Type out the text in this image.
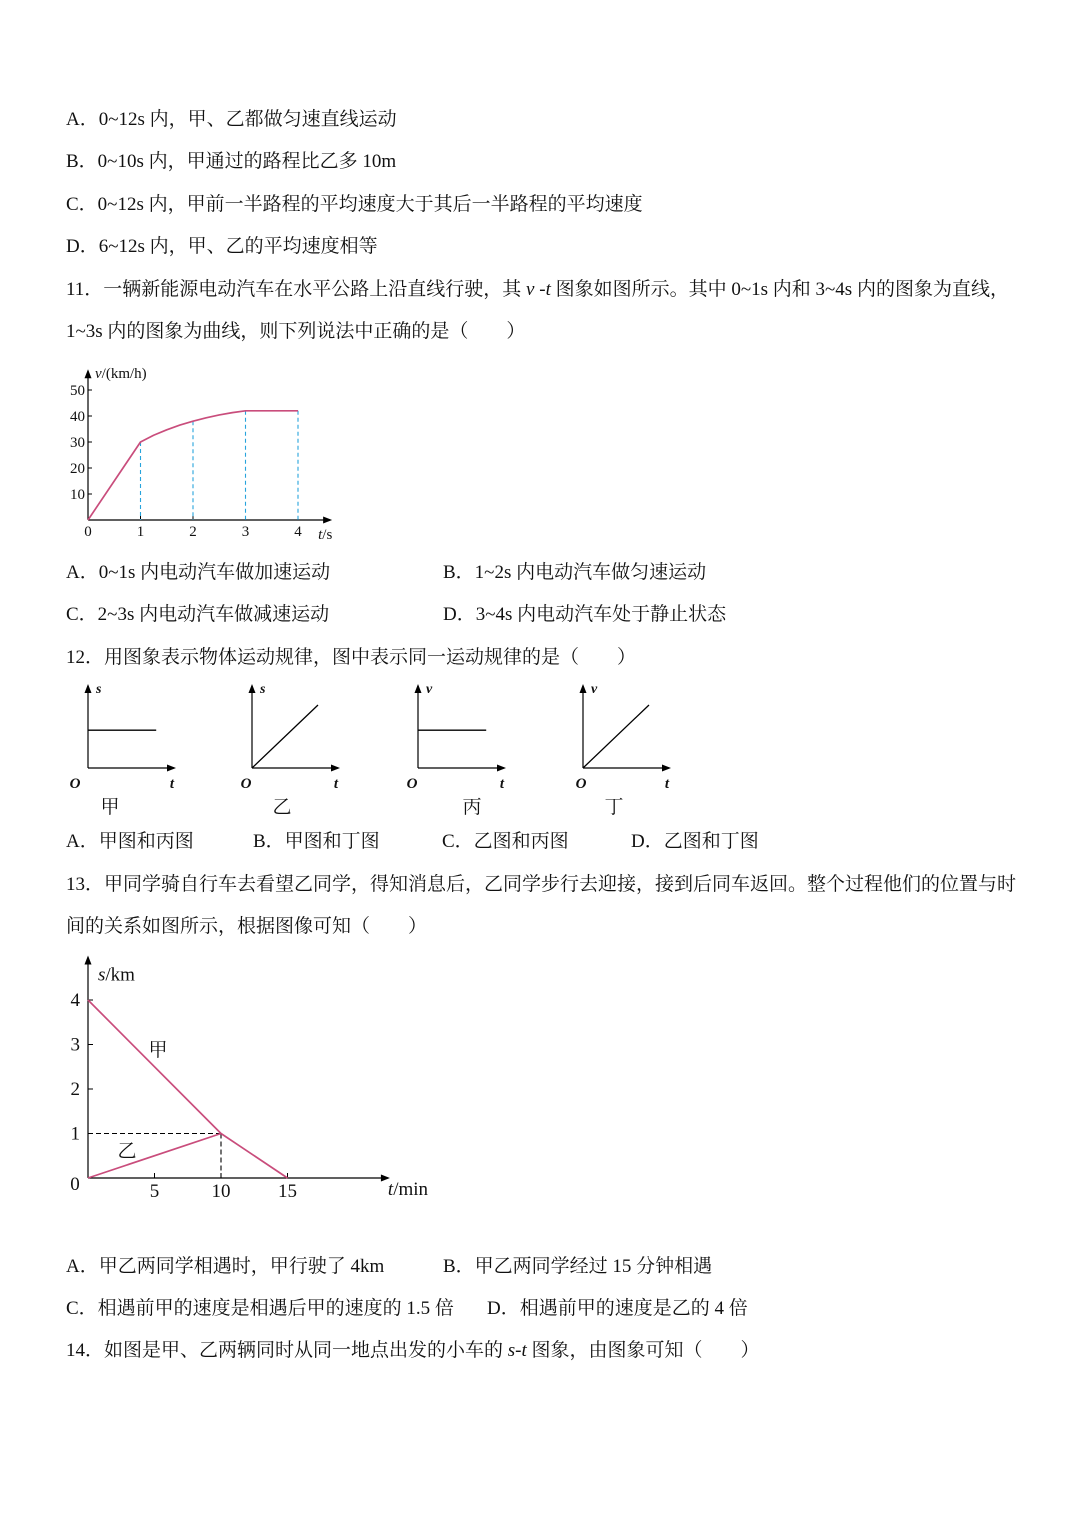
A．0~12s 内，甲、乙都做匀速直线运动
B．0~10s 内，甲通过的路程比乙多 10m
C．0~12s 内，甲前一半路程的平均速度大于其后一半路程的平均速度
D．6~12s 内，甲、乙的平均速度相等
11．一辆新能源电动汽车在水平公路上沿直线行驶，其 v -t 图象如图所示。其中 0~1s 内和 3~4s 内的图象为直线，
1~3s 内的图象为曲线，则下列说法中正确的是（　　）
10
20
30
40
50
0	1	2	3	4
v/(km/h)
t/s
A．0~1s 内电动汽车做加速运动	B．1~2s 内电动汽车做匀速运动
C．2~3s 内电动汽车做减速运动	D．3~4s 内电动汽车处于静止状态
12．用图象表示物体运动规律，图中表示同一运动规律的是（　　）
s
O	t
甲
s
O	t
乙
v
O	t
丙
v
O	t
丁
A．甲图和丙图	B．甲图和丁图	C．乙图和丙图	D．乙图和丁图
13．甲同学骑自行车去看望乙同学，得知消息后，乙同学步行去迎接，接到后同车返回。整个过程他们的位置与时
间的关系如图所示，根据图像可知（　　）
1
2
3
4
5	10	15
0
甲
乙
s/km
t/min
A．甲乙两同学相遇时，甲行驶了 4km	B．甲乙两同学经过 15 分钟相遇
C．相遇前甲的速度是相遇后甲的速度的 1.5 倍 D．相遇前甲的速度是乙的 4 倍
14．如图是甲、乙两辆同时从同一地点出发的小车的 s-t 图象，由图象可知（　　）
